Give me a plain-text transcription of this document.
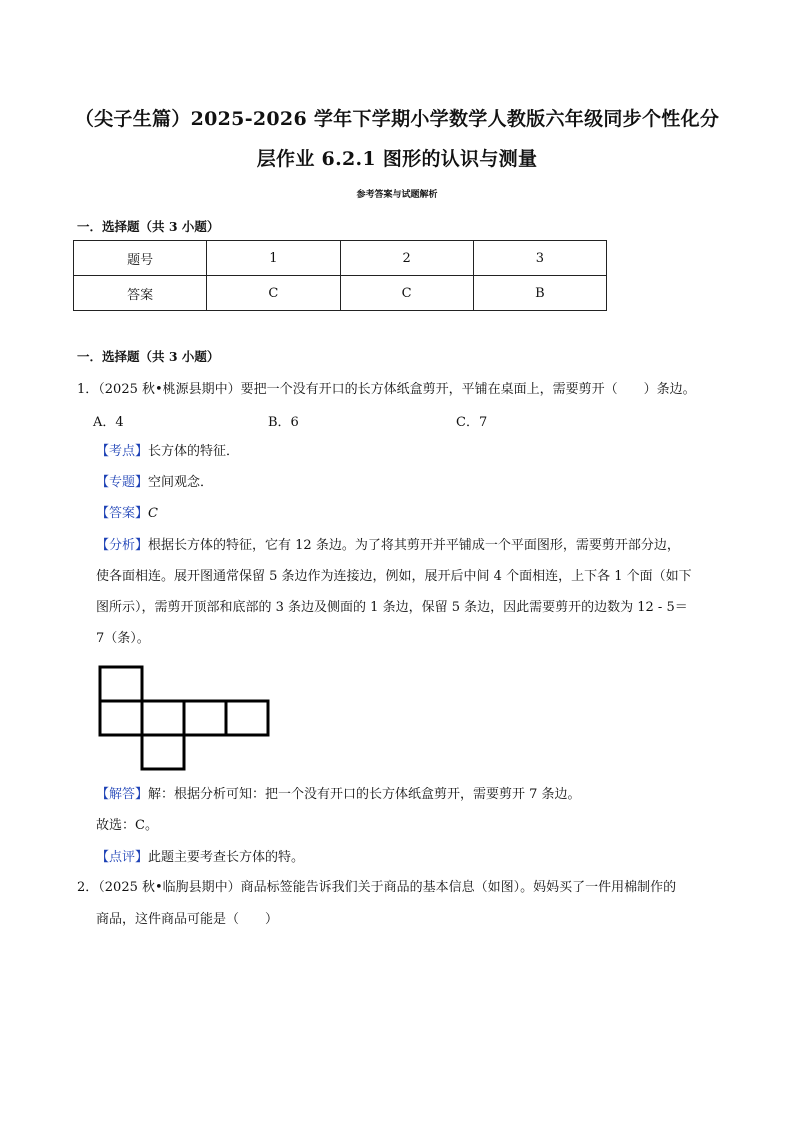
（尖子生篇）2025-2026 学年下学期小学数学人教版六年级同步个性化分
层作业 6.2.1 图形的认识与测量
参考答案与试题解析
一．选择题（共 3 小题）
题号	1	2	3
答案	C	C	B
一．选择题（共 3 小题）
1．（2025 秋•桃源县期中）要把一个没有开口的长方体纸盒剪开，平铺在桌面上，需要剪开（　　）条边。
A．4	B．6	C．7
【考点】长方体的特征．
【专题】空间观念．
【答案】C
【分析】根据长方体的特征，它有 12 条边。为了将其剪开并平铺成一个平面图形，需要剪开部分边，
使各面相连。展开图通常保留 5 条边作为连接边，例如，展开后中间 4 个面相连，上下各 1 个面（如下
图所示），需剪开顶部和底部的 3 条边及侧面的 1 条边，保留 5 条边，因此需要剪开的边数为 12 - 5＝
7（条）。
【解答】解：根据分析可知：把一个没有开口的长方体纸盒剪开，需要剪开 7 条边。
故选：C。
【点评】此题主要考查长方体的特。
2．（2025 秋•临朐县期中）商品标签能告诉我们关于商品的基本信息（如图）。妈妈买了一件用棉制作的
商品，这件商品可能是（　　）
